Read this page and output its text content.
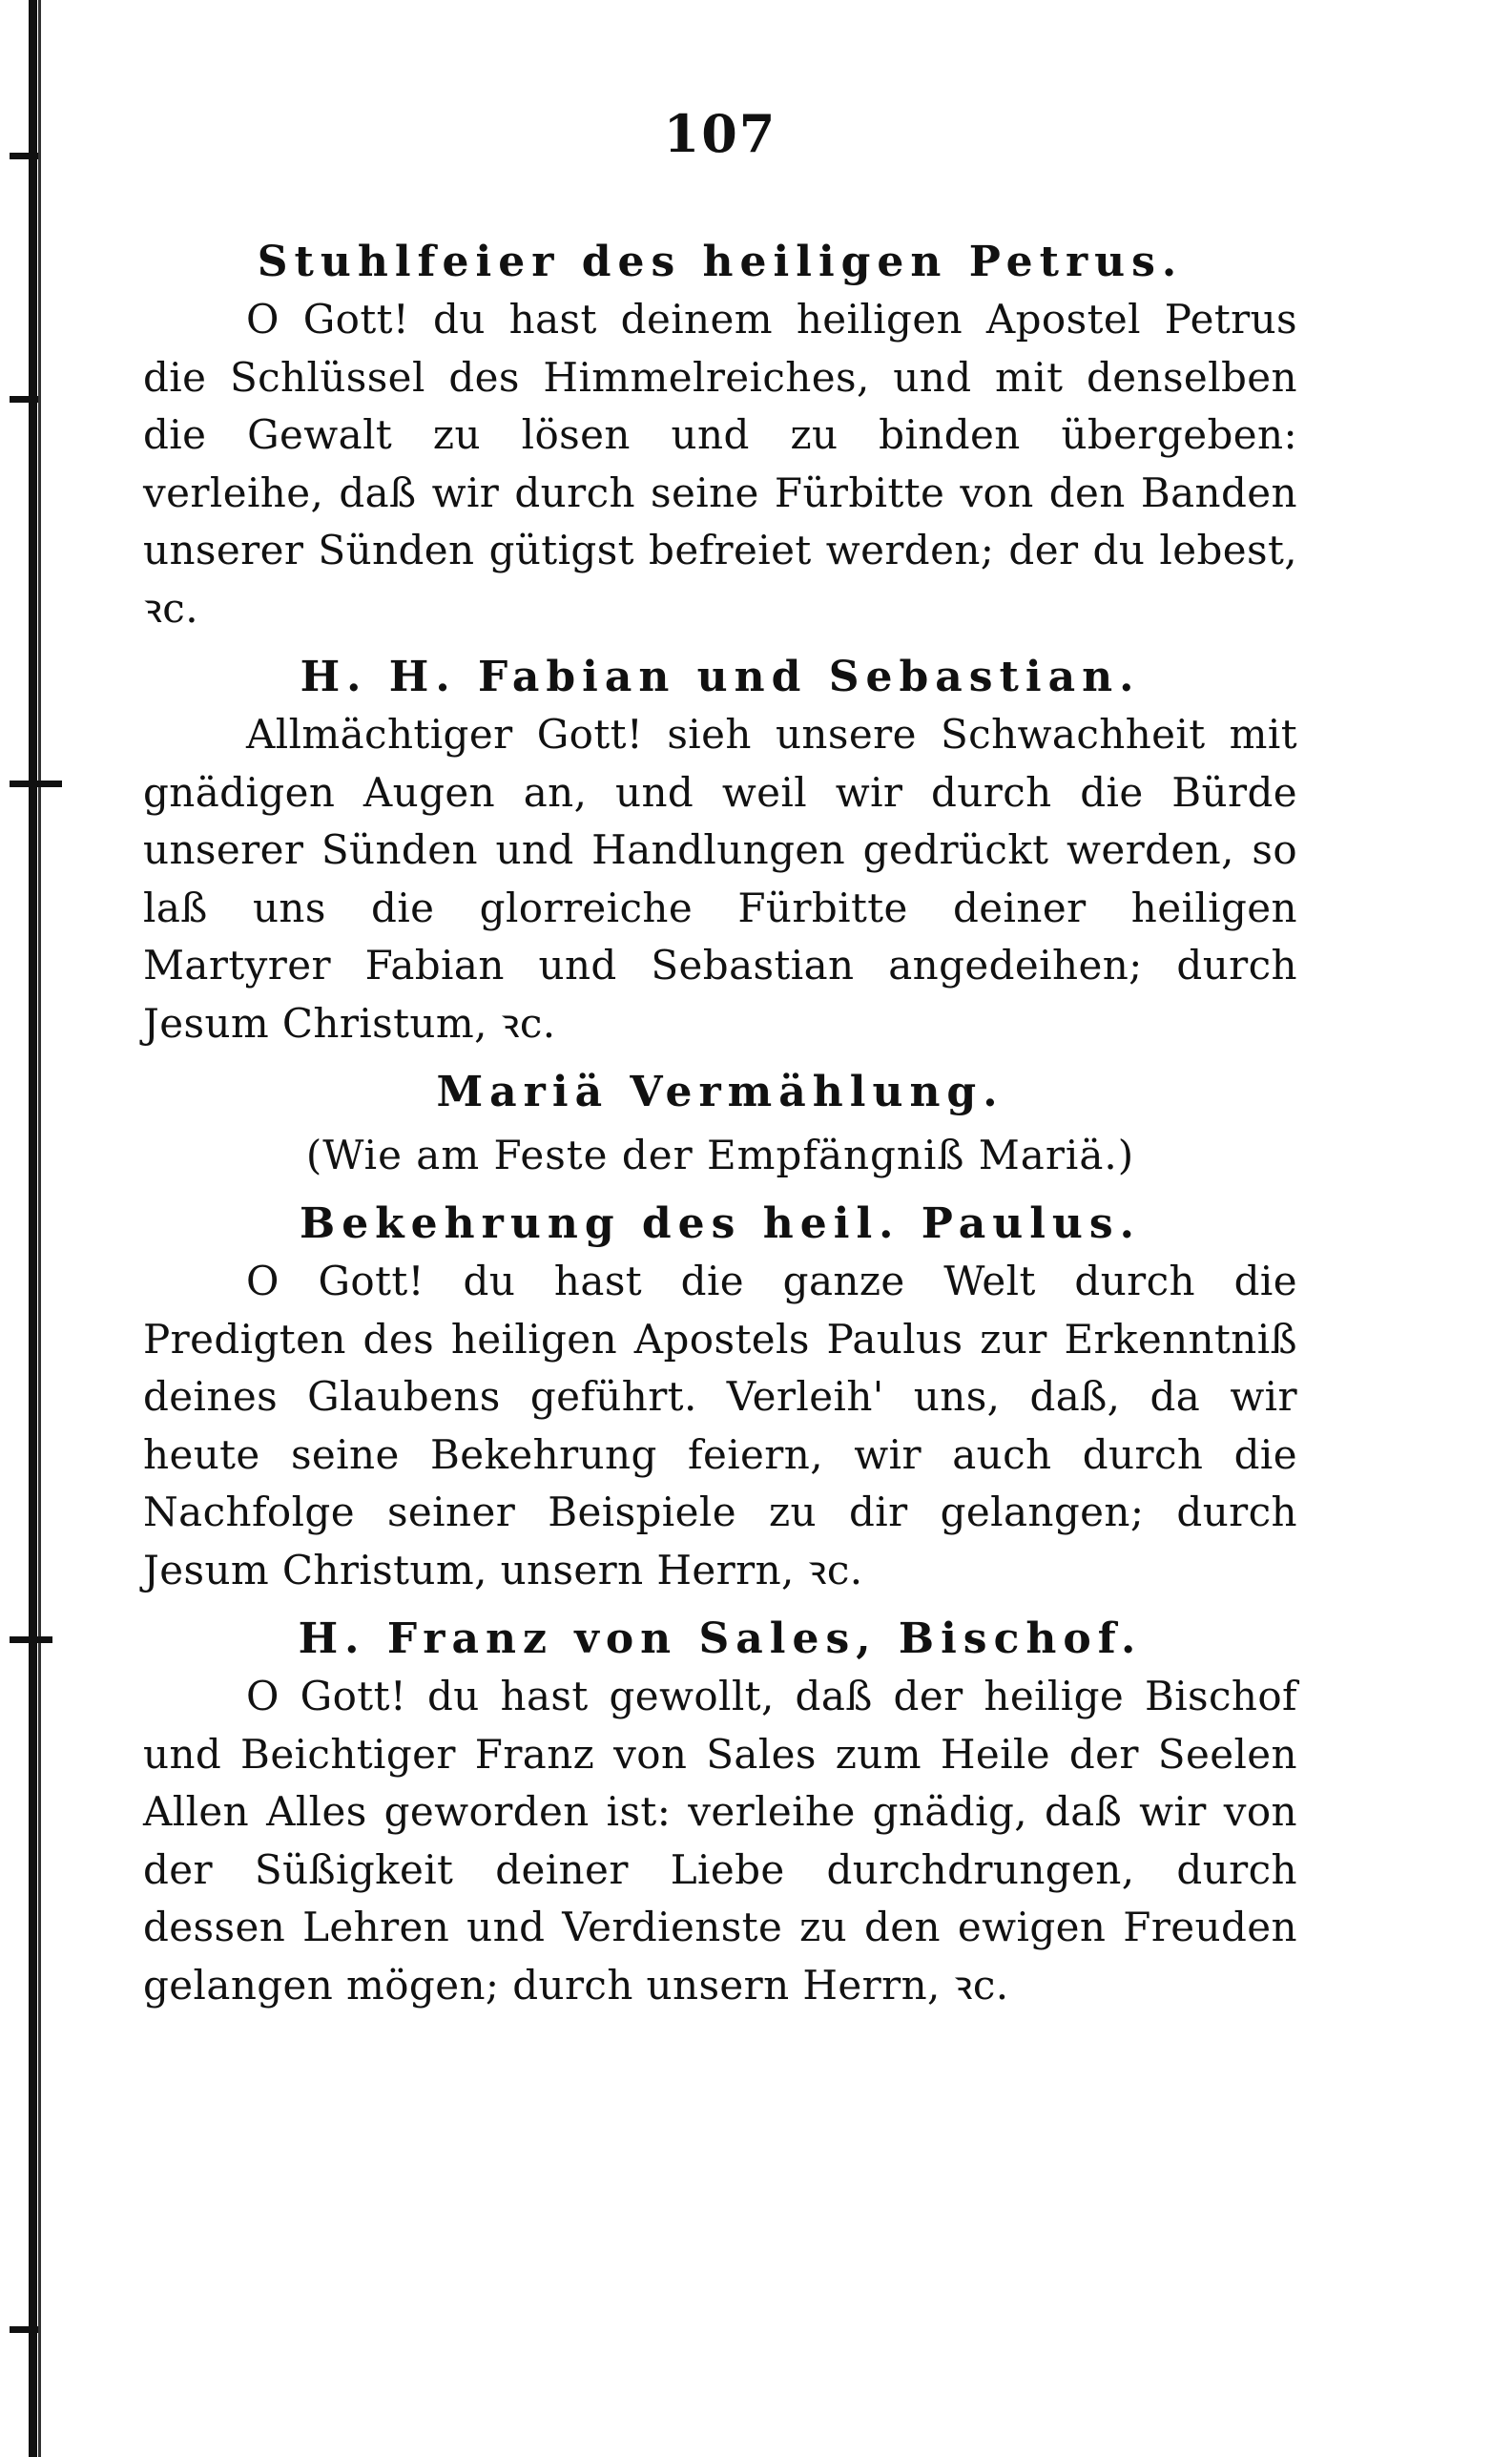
107
Stuhlfeier des heiligen Petrus.

O Gott! du hast deinem heiligen Apostel Petrus die Schlüssel des Himmelreiches, und mit denselben die Gewalt zu lösen und zu binden übergeben: verleihe, daß wir durch seine Fürbitte von den Banden unserer Sünden gütigst befreiet werden; der du lebest, ꝛc.

H. H. Fabian und Sebastian.

Allmächtiger Gott! sieh unsere Schwachheit mit gnädigen Augen an, und weil wir durch die Bürde unserer Sünden und Handlungen gedrückt werden, so laß uns die glorreiche Fürbitte deiner heiligen Martyrer Fabian und Sebastian angedeihen; durch Jesum Christum, ꝛc.

Mariä Vermählung.

(Wie am Feste der Empfängniß Mariä.)

Bekehrung des heil. Paulus.

O Gott! du hast die ganze Welt durch die Predigten des heiligen Apostels Paulus zur Erkenntniß deines Glaubens geführt. Verleih' uns, daß, da wir heute seine Bekehrung feiern, wir auch durch die Nachfolge seiner Beispiele zu dir gelangen; durch Jesum Christum, unsern Herrn, ꝛc.

H. Franz von Sales, Bischof.

O Gott! du hast gewollt, daß der heilige Bischof und Beichtiger Franz von Sales zum Heile der Seelen Allen Alles geworden ist: verleihe gnädig, daß wir von der Süßigkeit deiner Liebe durchdrungen, durch dessen Lehren und Verdienste zu den ewigen Freuden gelangen mögen; durch unsern Herrn, ꝛc.
